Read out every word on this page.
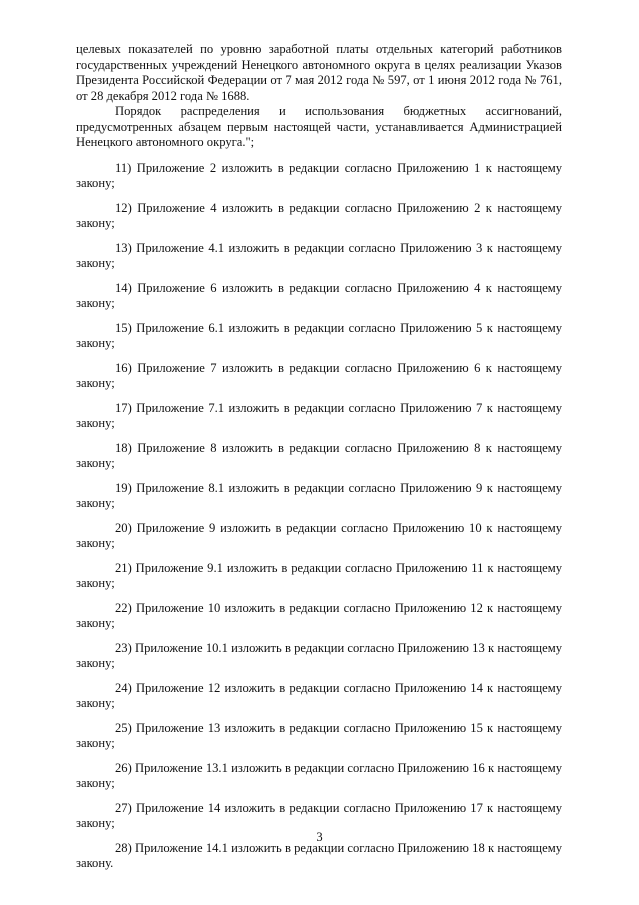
целевых показателей по уровню заработной платы отдельных категорий работников государственных учреждений Ненецкого автономного округа в целях реализации Указов Президента Российской Федерации от 7 мая 2012 года № 597, от 1 июня 2012 года № 761, от 28 декабря 2012 года № 1688.

Порядок распределения и использования бюджетных ассигнований, предусмотренных абзацем первым настоящей части, устанавливается Администрацией Ненецкого автономного округа.";

11) Приложение 2 изложить в редакции согласно Приложению 1 к настоящему закону;

12) Приложение 4 изложить в редакции согласно Приложению 2 к настоящему закону;

13) Приложение 4.1 изложить в редакции согласно Приложению 3 к настоящему закону;

14) Приложение 6 изложить в редакции согласно Приложению 4 к настоящему закону;

15) Приложение 6.1 изложить в редакции согласно Приложению 5 к настоящему закону;

16) Приложение 7 изложить в редакции согласно Приложению 6 к настоящему закону;

17) Приложение 7.1 изложить в редакции согласно Приложению 7 к настоящему закону;

18) Приложение 8 изложить в редакции согласно Приложению 8 к настоящему закону;

19) Приложение 8.1 изложить в редакции согласно Приложению 9 к настоящему закону;

20) Приложение 9 изложить в редакции согласно Приложению 10 к настоящему закону;

21) Приложение 9.1 изложить в редакции согласно Приложению 11 к настоящему закону;

22) Приложение 10 изложить в редакции согласно Приложению 12 к настоящему закону;

23) Приложение 10.1 изложить в редакции согласно Приложению 13 к настоящему закону;

24) Приложение 12 изложить в редакции согласно Приложению 14 к настоящему закону;

25) Приложение 13 изложить в редакции согласно Приложению 15 к настоящему закону;

26) Приложение 13.1 изложить в редакции согласно Приложению 16 к настоящему закону;

27) Приложение 14 изложить в редакции согласно Приложению 17 к настоящему закону;

28) Приложение 14.1 изложить в редакции согласно Приложению 18 к настоящему закону.

3
